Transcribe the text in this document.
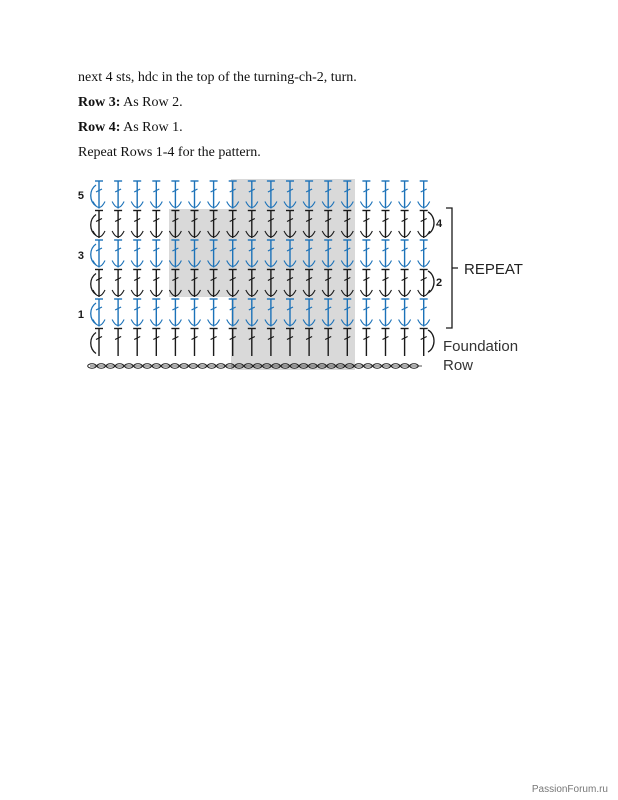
next 4 sts, hdc in the top of the turning-ch-2, turn.

Row 3: As Row 2.

Row 4: As Row 1.

Repeat Rows 1-4 for the pattern.

5
3
1
4
2
REPEAT
Foundation
Row
PassionForum.ru
